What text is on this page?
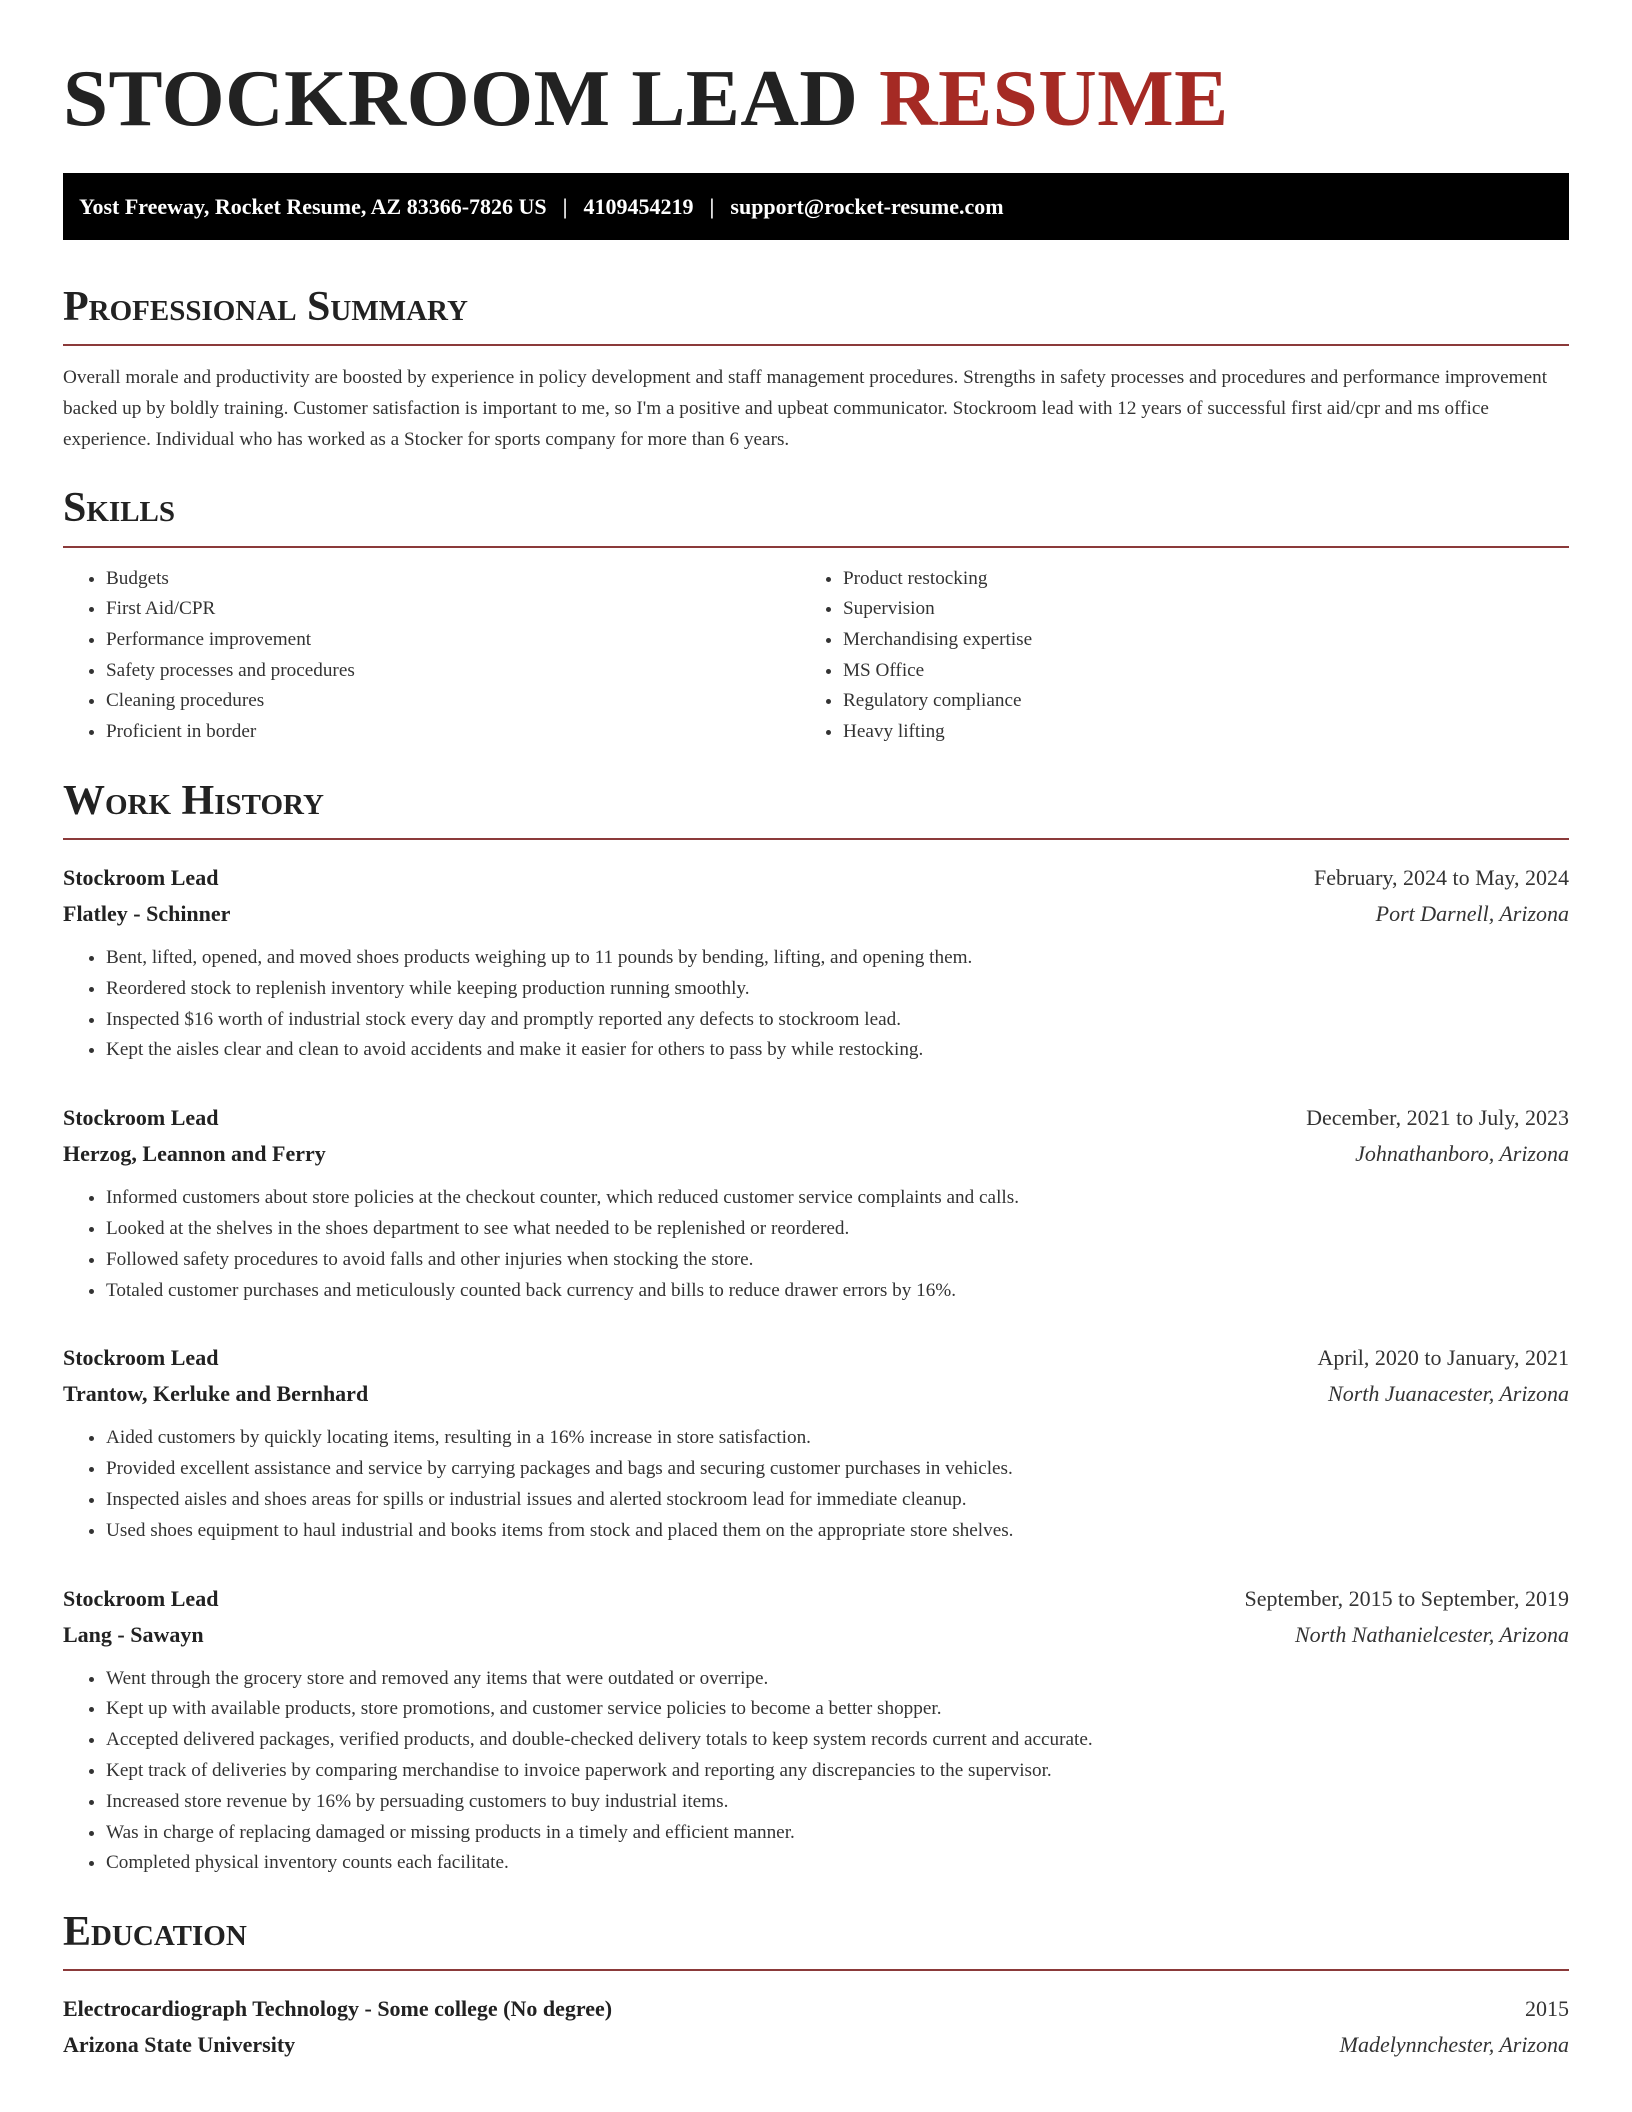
STOCKROOM LEAD RESUME
Yost Freeway, Rocket Resume, AZ 83366-7826 US | 4109454219 | support@rocket-resume.com
Professional Summary

Overall morale and productivity are boosted by experience in policy development and staff management procedures. Strengths in safety processes and procedures and performance improvement backed up by boldly training. Customer satisfaction is important to me, so I'm a positive and upbeat communicator. Stockroom lead with 12 years of successful first aid/cpr and ms office experience. Individual who has worked as a Stocker for sports company for more than 6 years.

Skills
• Budgets
• First Aid/CPR
• Performance improvement
• Safety processes and procedures
• Cleaning procedures
• Proficient in border
• Product restocking
• Supervision
• Merchandising expertise
• MS Office
• Regulatory compliance
• Heavy lifting
Work History
Stockroom Lead	February, 2024 to May, 2024
Flatley - Schinner	Port Darnell, Arizona
• Bent, lifted, opened, and moved shoes products weighing up to 11 pounds by bending, lifting, and opening them.
• Reordered stock to replenish inventory while keeping production running smoothly.
• Inspected $16 worth of industrial stock every day and promptly reported any defects to stockroom lead.
• Kept the aisles clear and clean to avoid accidents and make it easier for others to pass by while restocking.
Stockroom Lead	December, 2021 to July, 2023
Herzog, Leannon and Ferry	Johnathanboro, Arizona
• Informed customers about store policies at the checkout counter, which reduced customer service complaints and calls.
• Looked at the shelves in the shoes department to see what needed to be replenished or reordered.
• Followed safety procedures to avoid falls and other injuries when stocking the store.
• Totaled customer purchases and meticulously counted back currency and bills to reduce drawer errors by 16%.
Stockroom Lead	April, 2020 to January, 2021
Trantow, Kerluke and Bernhard	North Juanacester, Arizona
• Aided customers by quickly locating items, resulting in a 16% increase in store satisfaction.
• Provided excellent assistance and service by carrying packages and bags and securing customer purchases in vehicles.
• Inspected aisles and shoes areas for spills or industrial issues and alerted stockroom lead for immediate cleanup.
• Used shoes equipment to haul industrial and books items from stock and placed them on the appropriate store shelves.
Stockroom Lead	September, 2015 to September, 2019
Lang - Sawayn	North Nathanielcester, Arizona
• Went through the grocery store and removed any items that were outdated or overripe.
• Kept up with available products, store promotions, and customer service policies to become a better shopper.
• Accepted delivered packages, verified products, and double-checked delivery totals to keep system records current and accurate.
• Kept track of deliveries by comparing merchandise to invoice paperwork and reporting any discrepancies to the supervisor.
• Increased store revenue by 16% by persuading customers to buy industrial items.
• Was in charge of replacing damaged or missing products in a timely and efficient manner.
• Completed physical inventory counts each facilitate.
Education
Electrocardiograph Technology - Some college (No degree)	2015
Arizona State University	Madelynnchester, Arizona
